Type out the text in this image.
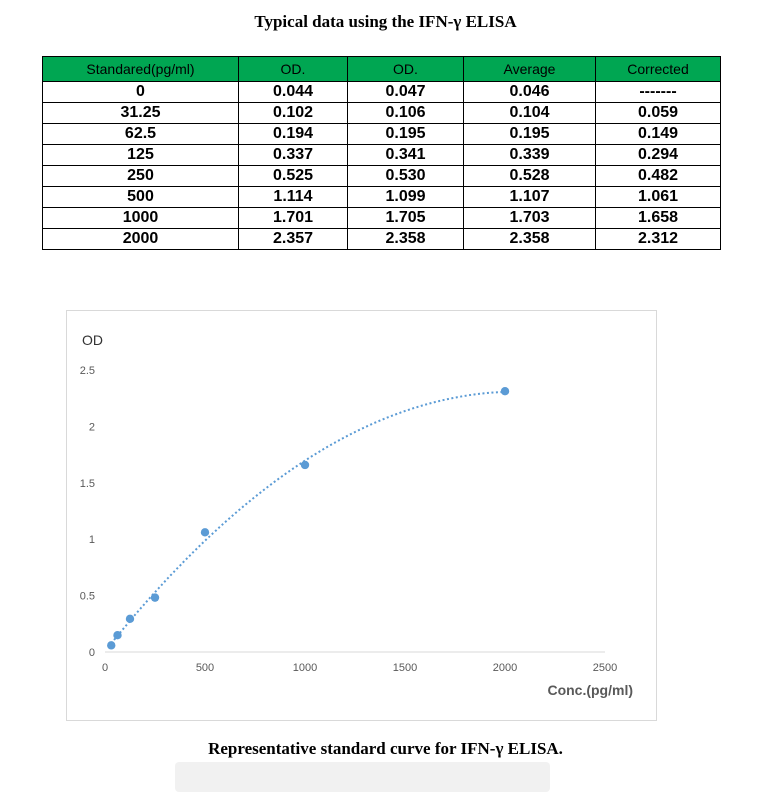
Typical data using the IFN-γ ELISA
Standared(pg/ml)	OD.	OD.	Average	Corrected
0	0.044	0.047	0.046	-------
31.25	0.102	0.106	0.104	0.059
62.5	0.194	0.195	0.195	0.149
125	0.337	0.341	0.339	0.294
250	0.525	0.530	0.528	0.482
500	1.114	1.099	1.107	1.061
1000	1.701	1.705	1.703	1.658
2000	2.357	2.358	2.358	2.312
0
0.5
1
1.5
2
2.5
0	500	1000	1500	2000	2500
OD
Conc.(pg/ml)
Representative standard curve for IFN-γ ELISA.
